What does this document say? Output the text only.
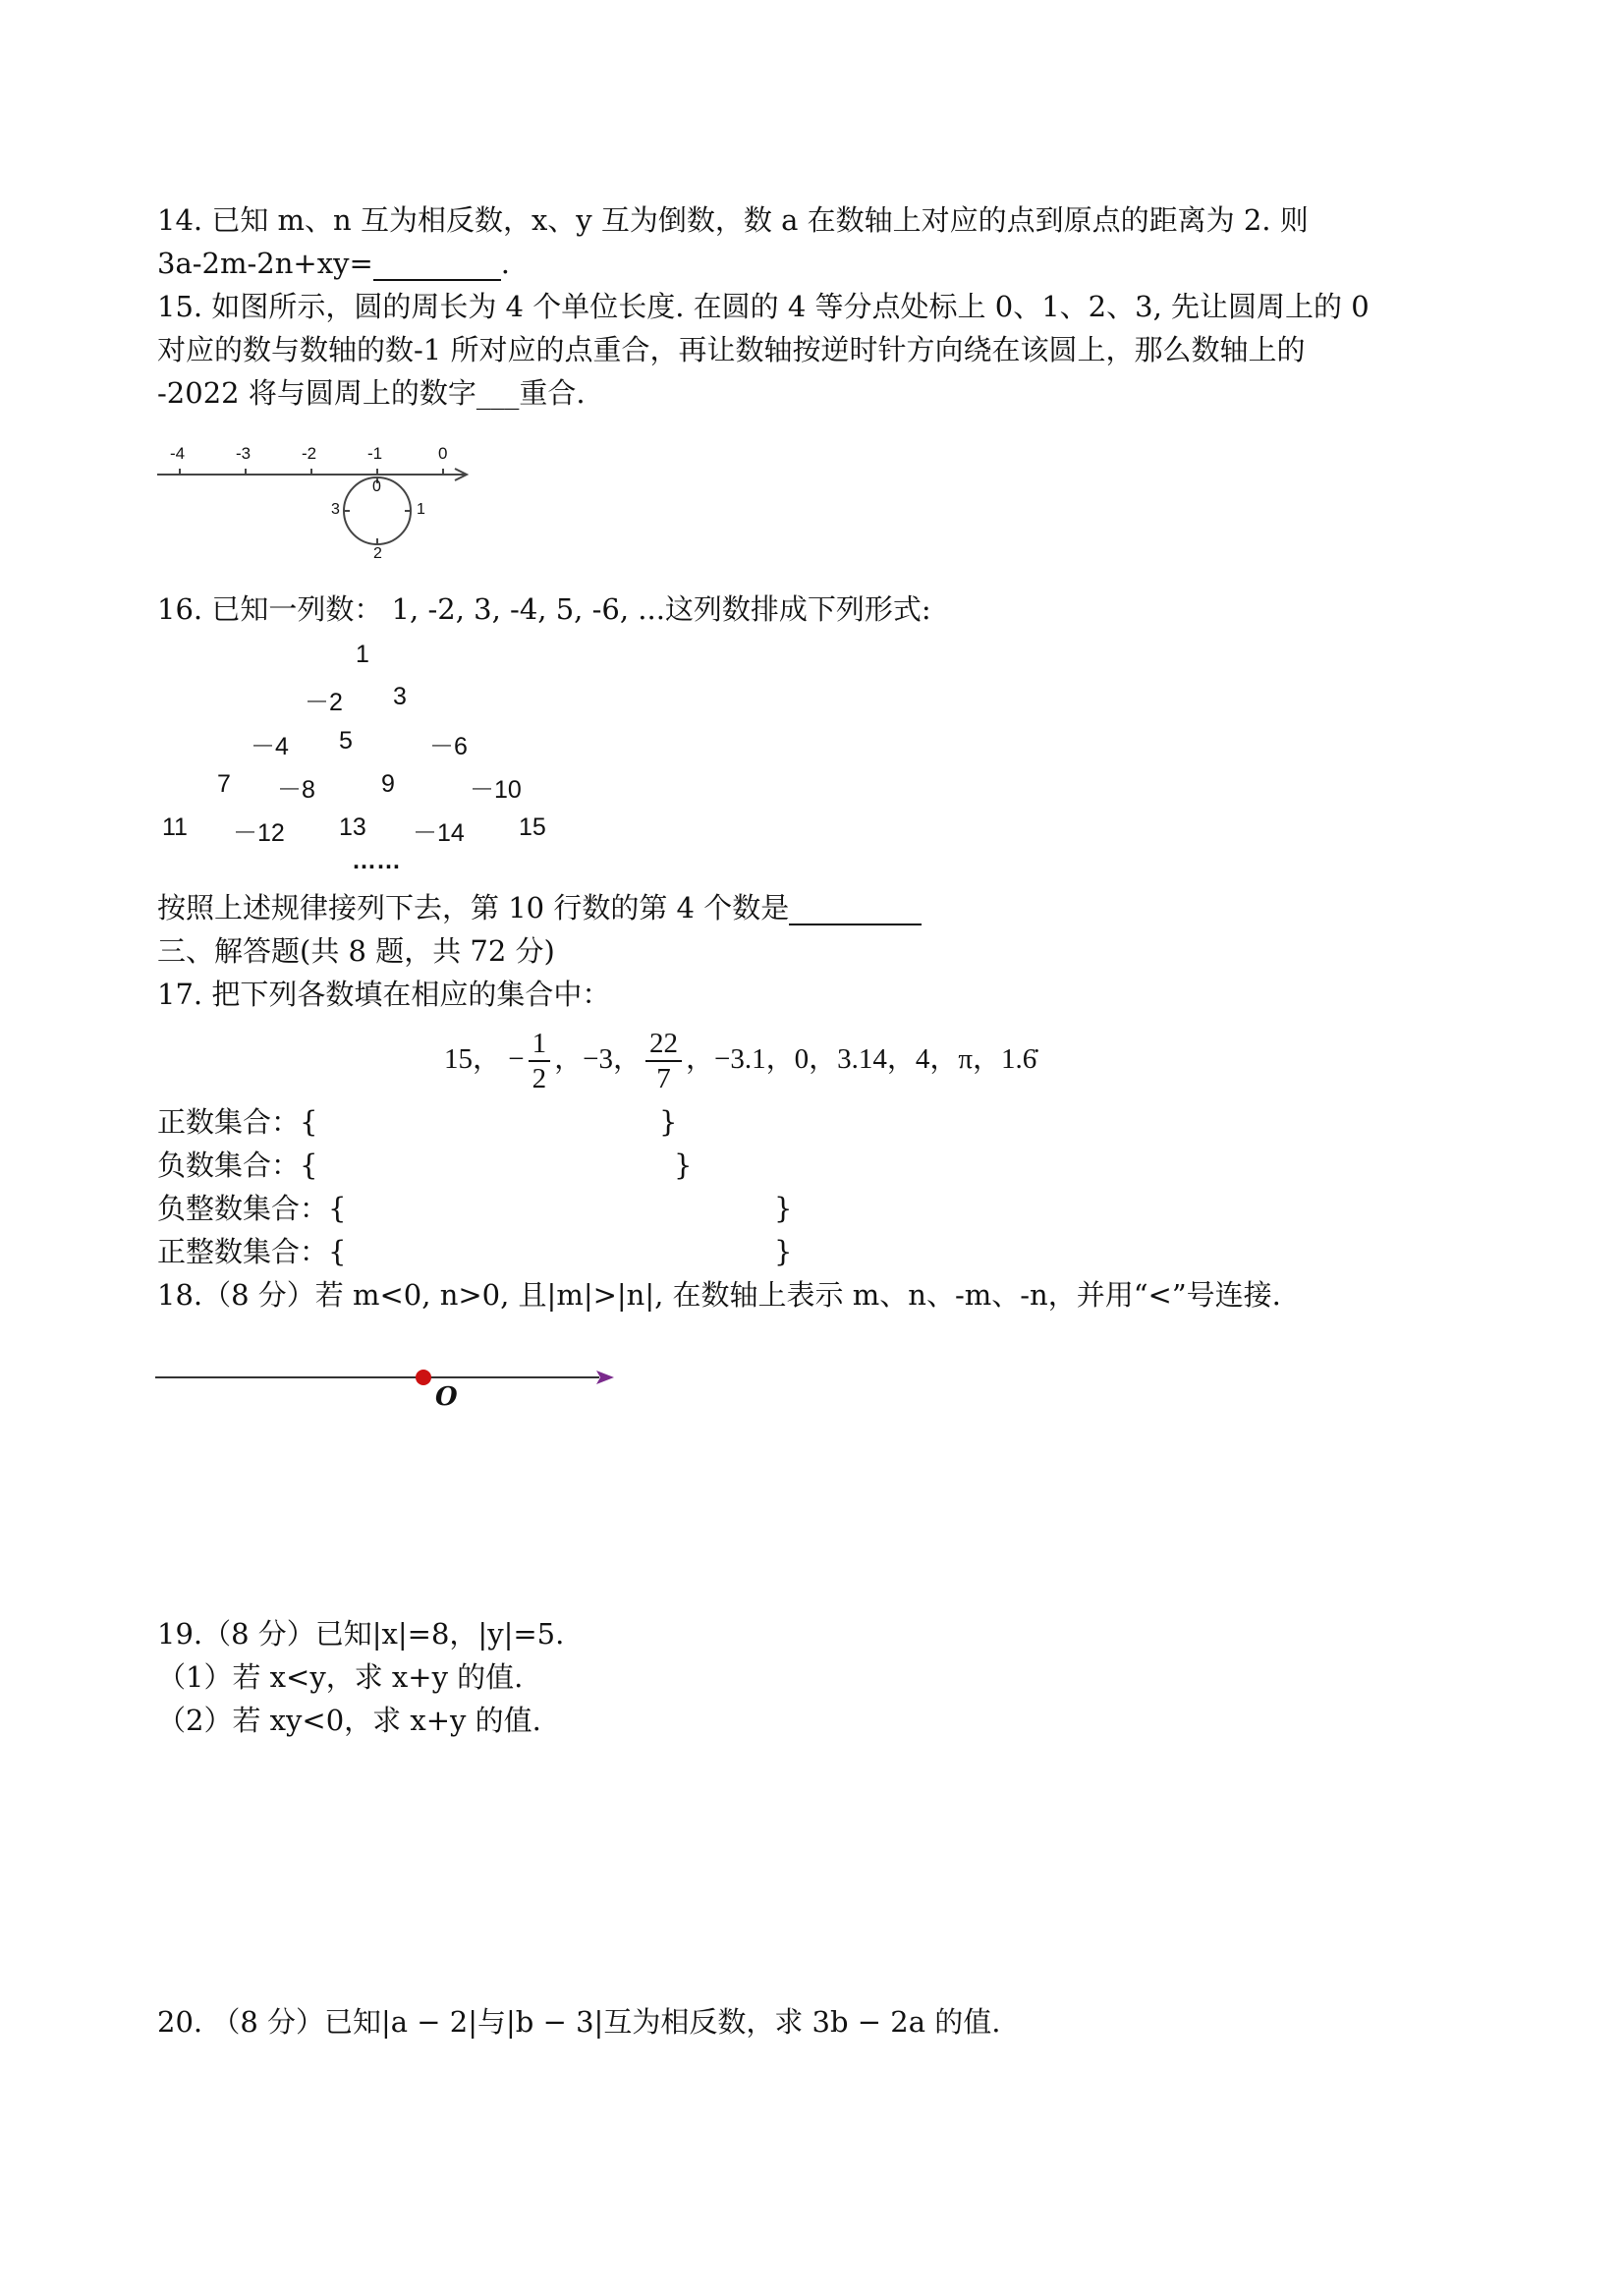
14. 已知 m、n 互为相反数，x、y 互为倒数，数 a 在数轴上对应的点到原点的距离为 2. 则
3a-2m-2n+xy=	.
15. 如图所示，圆的周长为 4 个单位长度. 在圆的 4 等分点处标上 0、1、2、3, 先让圆周上的 0
对应的数与数轴的数-1 所对应的点重合，再让数轴按逆时针方向绕在该圆上，那么数轴上的
-2022 将与圆周上的数字___重合.
-4	-3	-2	-1	0
0
1
2
3
16. 已知一列数： 1, -2, 3, -4, 5, -6, ...这列数排成下列形式:
1
－2 3
－4 5	－6
7 －8	9	－10
11 －12 13 －14 15
……
按照上述规律接列下去，第 10 行数的第 4 个数是
三、解答题(共 8 题，共 72 分)
17. 把下列各数填在相应的集合中：
15， − $\frac{1}{2}$ ，−3， $\frac{22}{7}$ ，−3.1，0，3.14，4，π，1.6̇
正数集合：{	}
负数集合：{	}
负整数集合：{	}
正整数集合：{	}
18.（8 分）若 m<0, n>0, 且|m|>|n|, 在数轴上表示 m、n、-m、-n，并用“<”号连接.
O
19.（8 分）已知|x|=8，|y|=5.
（1）若 x<y，求 x+y 的值.
（2）若 xy<0，求 x+y 的值.
20. （8 分）已知|a − 2|与|b − 3|互为相反数，求 3b − 2a 的值.
